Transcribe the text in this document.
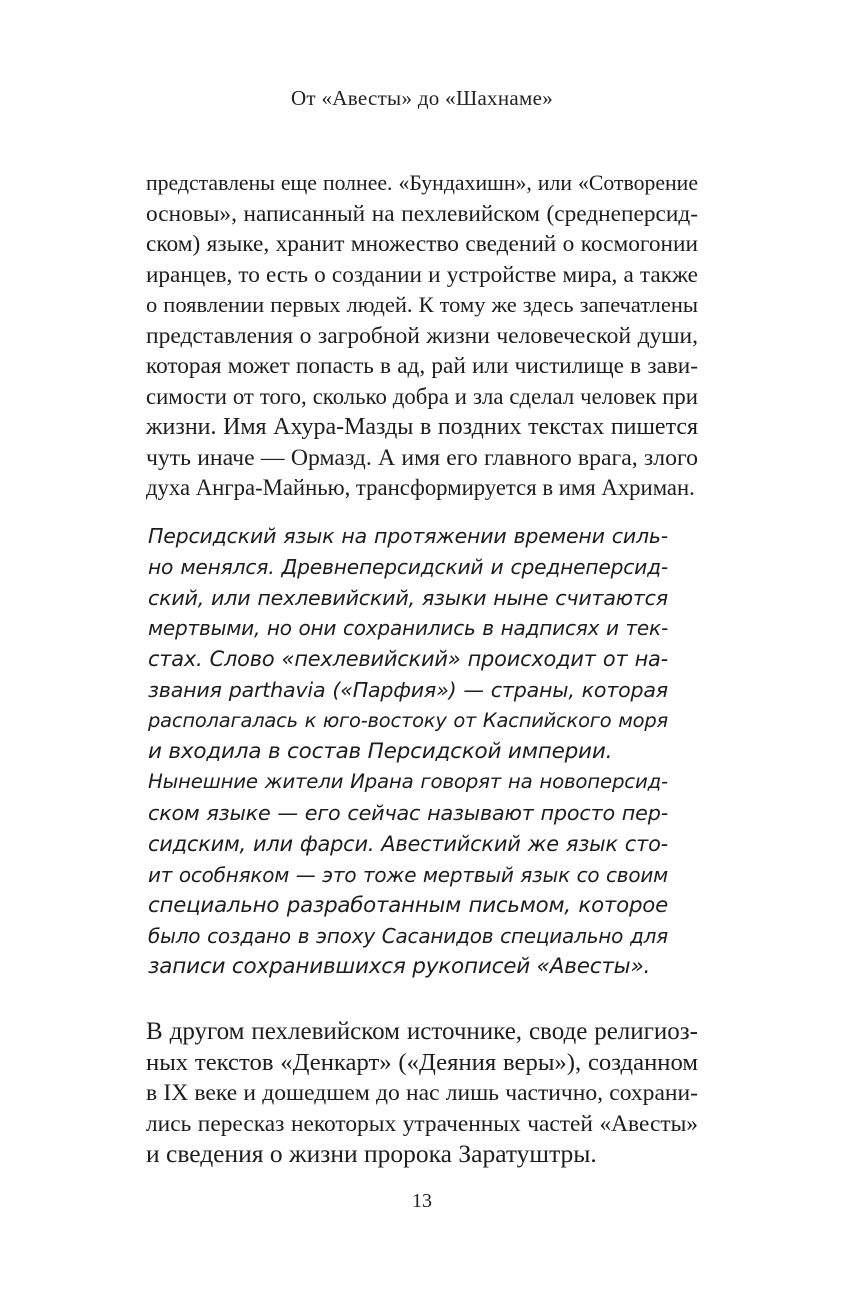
От «Авесты» до «Шахнаме»
представлены еще полнее. «Бундахишн», или «Сотворение
основы», написанный на пехлевийском (среднеперсид-
ском) языке, хранит множество сведений о космогонии
иранцев, то есть о создании и устройстве мира, а также
о появлении первых людей. К тому же здесь запечатлены
представления о загробной жизни человеческой души,
которая может попасть в ад, рай или чистилище в зави-
симости от того, сколько добра и зла сделал человек при
жизни. Имя Ахура-Мазды в поздних текстах пишется
чуть иначе — Ормазд. А имя его главного врага, злого
духа Ангра-Майнью, трансформируется в имя Ахриман.
Персидский язык на протяжении времени силь-
но менялся. Древнеперсидский и среднеперсид-
ский, или пехлевийский, языки ныне считаются
мертвыми, но они сохранились в надписях и тек-
стах. Слово «пехлевийский» происходит от на-
звания parthavia («Парфия») — страны, которая
располагалась к юго-востоку от Каспийского моря
и входила в состав Персидской империи.
Нынешние жители Ирана говорят на новоперсид-
ском языке — его сейчас называют просто пер-
сидским, или фарси. Авестийский же язык сто-
ит особняком — это тоже мертвый язык со своим
специально разработанным письмом, которое
было создано в эпоху Сасанидов специально для
записи сохранившихся рукописей «Авесты».
В другом пехлевийском источнике, своде религиоз-
ных текстов «Денкарт» («Деяния веры»), созданном
в IX веке и дошедшем до нас лишь частично, сохрани-
лись пересказ некоторых утраченных частей «Авесты»
и сведения о жизни пророка Заратуштры.
13
